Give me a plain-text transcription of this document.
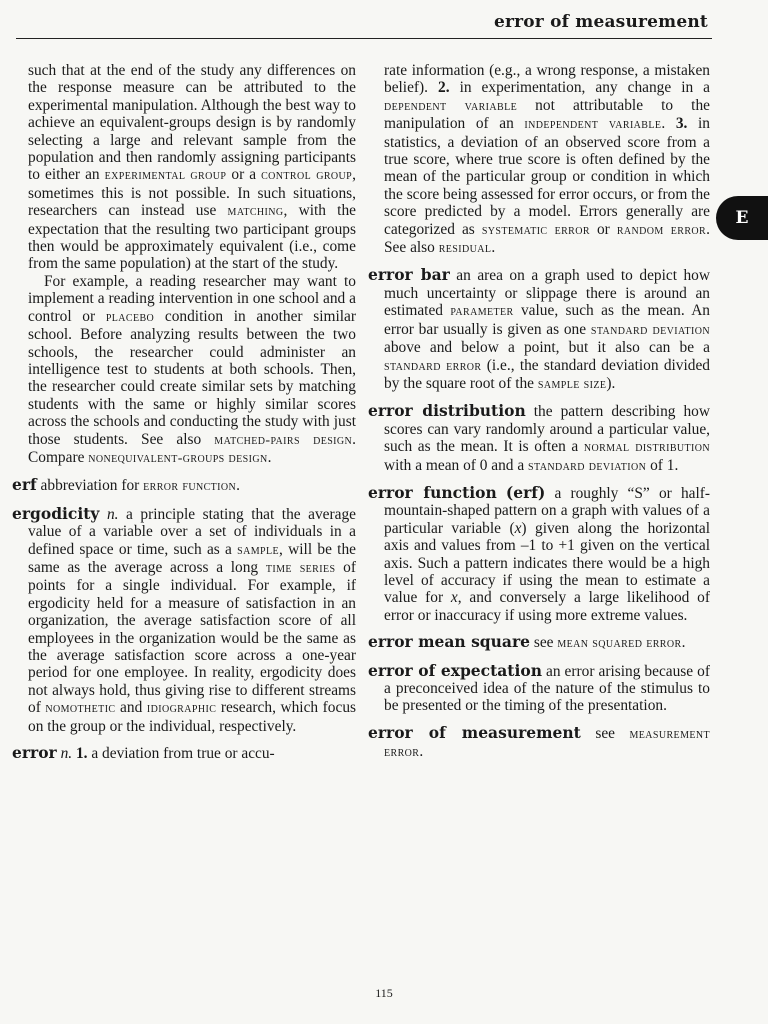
error of measurement

such that at the end of the study any differences on the response measure can be attributed to the experimental manipulation. Although the best way to achieve an equivalent-groups design is by randomly selecting a large and relevant sample from the population and then randomly assigning participants to either an experimental group or a control group, sometimes this is not possible. In such situations, researchers can instead use matching, with the expectation that the resulting two participant groups then would be approximately equivalent (i.e., come from the same population) at the start of the study.

For example, a reading researcher may want to implement a reading intervention in one school and a control or placebo condition in another similar school. Before analyzing results between the two schools, the researcher could administer an intelligence test to students at both schools. Then, the researcher could create similar sets by matching students with the same or highly similar scores across the schools and conducting the study with just those students. See also matched-pairs design. Compare nonequivalent-groups design.

erf abbreviation for error function.

ergodicity n. a principle stating that the average value of a variable over a set of individuals in a defined space or time, such as a sample, will be the same as the average across a long time series of points for a single individual. For example, if ergodicity held for a measure of satisfaction in an organization, the average satisfaction score of all employees in the organization would be the same as the average satisfaction score across a one-year period for one employee. In reality, ergodicity does not always hold, thus giving rise to different streams of nomothetic and idiographic research, which focus on the group or the individual, respectively.

error n. 1. a deviation from true or accu-

rate information (e.g., a wrong response, a mistaken belief). 2. in experimentation, any change in a dependent variable not attributable to the manipulation of an independent variable. 3. in statistics, a deviation of an observed score from a true score, where true score is often defined by the mean of the particular group or condition in which the score being assessed for error occurs, or from the score predicted by a model. Errors generally are categorized as systematic error or random error. See also residual.

error bar an area on a graph used to depict how much uncertainty or slippage there is around an estimated parameter value, such as the mean. An error bar usually is given as one standard deviation above and below a point, but it also can be a standard error (i.e., the standard deviation divided by the square root of the sample size).

error distribution the pattern describing how scores can vary randomly around a particular value, such as the mean. It is often a normal distribution with a mean of 0 and a standard deviation of 1.

error function (erf) a roughly “S” or half-mountain-shaped pattern on a graph with values of a particular variable (x) given along the horizontal axis and values from –1 to +1 given on the vertical axis. Such a pattern indicates there would be a high level of accuracy if using the mean to estimate a value for x, and conversely a large likelihood of error or inaccuracy if using more extreme values.

error mean square see mean squared error.

error of expectation an error arising because of a preconceived idea of the nature of the stimulus to be presented or the timing of the presentation.

error of measurement see measurement error.

E
115
